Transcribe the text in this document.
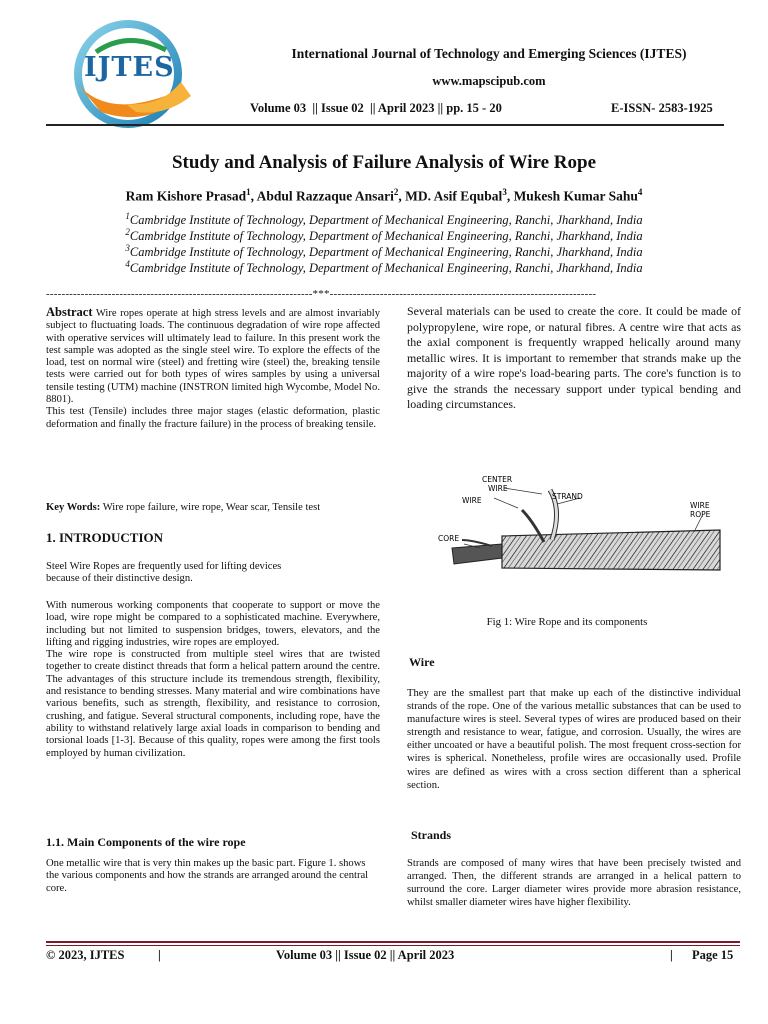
IJTES	International Journal of Technology and Emerging Sciences (IJTES)
www.mapscipub.com
Volume 03  || Issue 02  || April 2023 || pp. 15 - 20	E-ISSN- 2583-1925
Study and Analysis of Failure Analysis of Wire Rope
Ram Kishore Prasad$^1$, Abdul Razzaque Ansari$^2$, MD. Asif Equbal$^3$, Mukesh Kumar Sahu$^4$
$^1$Cambridge Institute of Technology, Department of Mechanical Engineering, Ranchi, Jharkhand, India
$^2$Cambridge Institute of Technology, Department of Mechanical Engineering, Ranchi, Jharkhand, India
$^3$Cambridge Institute of Technology, Department of Mechanical Engineering, Ranchi, Jharkhand, India
$^4$Cambridge Institute of Technology, Department of Mechanical Engineering, Ranchi, Jharkhand, India
---------------------------------------------------------------------***---------------------------------------------------------------------

Abstract Wire ropes operate at high stress levels and are almost invariably subject to fluctuating loads. The continuous degradation of wire rope affected with operative services will ultimately lead to failure. In this present work the test sample was adopted as the single steel wire. To explore the effects of the load, test on normal wire (steel) and fretting wire (steel) the, breaking tensile tests were carried out for both types of wires samples by using a universal tensile testing (UTM) machine (INSTRON limited high Wycombe, Model No. 8801).

This test (Tensile) includes three major stages (elastic deformation, plastic deformation and finally the fracture failure) in the process of breaking tensile.

Key Words: Wire rope failure, wire rope, Wear scar, Tensile test
1. INTRODUCTION

Steel Wire Ropes are frequently used for lifting devices

because of their distinctive design.

With numerous working components that cooperate to support or move the load, wire rope might be compared to a sophisticated machine. Everywhere, including but not limited to suspension bridges, towers, elevators, and the lifting and rigging industries, wire ropes are employed.

The wire rope is constructed from multiple steel wires that are twisted together to create distinct threads that form a helical pattern around the centre. The advantages of this structure include its tremendous strength, flexibility, and resistance to bending stresses. Many material and wire combinations have various benefits, such as strength, flexibility, and resistance to corrosion, crushing, and fatigue. Several structural components, including rope, have the ability to withstand relatively large axial loads in comparison to bending and torsional loads [1-3]. Because of this quality, ropes were among the first tools employed by human civilization.

1.1. Main Components of the wire rope
One metallic wire that is very thin makes up the basic part. Figure 1. shows the various components and how the strands are arranged around the central core.
Several materials can be used to create the core. It could be made of polypropylene, wire rope, or natural fibres. A centre wire that acts as the axial component is frequently wrapped helically around many metallic wires. It is important to remember that strands make up the majority of a wire rope's load-bearing parts. The core's function is to give the strands the necessary support under typical bending and loading circumstances.
CENTER
WIRE
STRAND
WIRE
WIRE
ROPE
CORE
Fig 1: Wire Rope and its components
Wire
They are the smallest part that make up each of the distinctive individual strands of the rope. One of the various metallic substances that can be used to manufacture wires is steel. Several types of wires are produced based on their strength and resistance to wear, fatigue, and corrosion. Usually, the wires are either uncoated or have a beautiful polish. The most frequent cross-section for wires is spherical. Nonetheless, profile wires are occasionally used. Profile wires are defined as wires with a cross section different than a spherical section.
Strands
Strands are composed of many wires that have been precisely twisted and arranged. Then, the different strands are arranged in a helical pattern to surround the core. Larger diameter wires provide more abrasion resistance, whilst smaller diameter wires have higher flexibility.
© 2023, IJTES	|	Volume 03 || Issue 02 || April 2023	| Page 15
